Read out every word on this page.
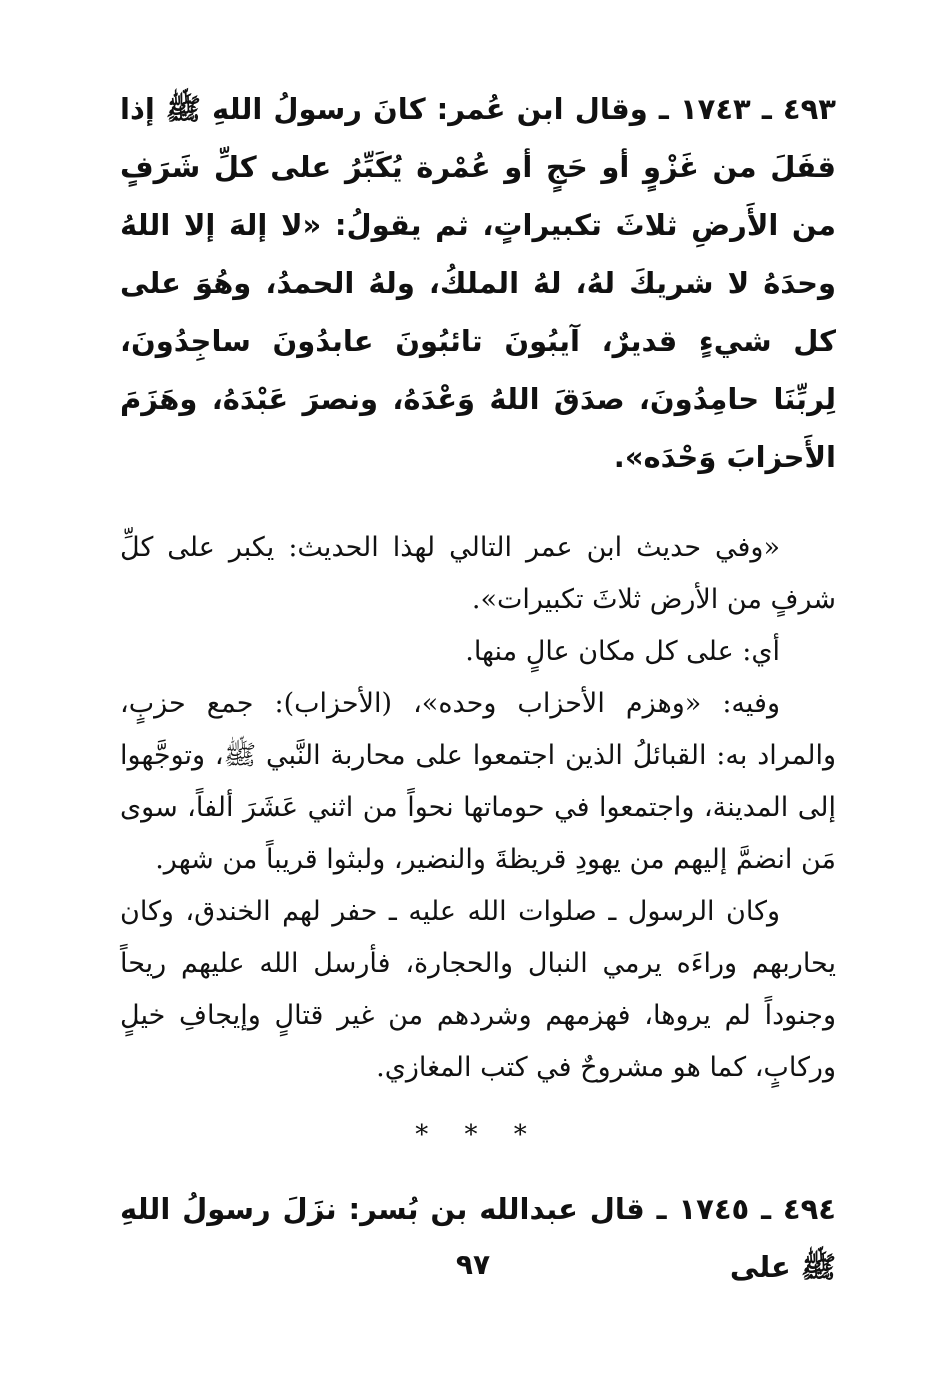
٤٩٣ ـ ١٧٤٣ ـ وقال ابن عُمر: كانَ رسولُ اللهِ ﷺ إذا قفَلَ من غَزْوٍ أو حَجٍ أو عُمْرة يُكَبِّرُ على كلِّ شَرَفٍ من الأَرضِ ثلاثَ تكبيراتٍ، ثم يقولُ: «لا إلهَ إلا اللهُ وحدَهُ لا شريكَ لهُ، لهُ الملكُ، ولهُ الحمدُ، وهُوَ على كل شيءٍ قديرٌ، آيبُونَ تائبُونَ عابدُونَ ساجِدُونَ، لِربِّنَا حامِدُونَ، صدَقَ اللهُ وَعْدَهُ، ونصرَ عَبْدَهُ، وهَزَمَ الأَحزابَ وَحْدَه».

«وفي حديث ابن عمر التالي لهذا الحديث: يكبر على كلِّ شرفٍ من الأرض ثلاثَ تكبيرات».

أي: على كل مكان عالٍ منها.

وفيه: «وهزم الأحزاب وحده»، (الأحزاب): جمع حزبٍ، والمراد به: القبائلُ الذين اجتمعوا على محاربة النَّبي ﷺ، وتوجَّهوا إلى المدينة، واجتمعوا في حوماتها نحواً من اثني عَشَرَ ألفاً، سوى مَن انضمَّ إليهم من يهودِ قريظةَ والنضير، ولبثوا قريباً من شهر.

وكان الرسول ـ صلوات الله عليه ـ حفر لهم الخندق، وكان يحاربهم وراءَه يرمي النبال والحجارة، فأرسل الله عليهم ريحاً وجنوداً لم يروها، فهزمهم وشردهم من غير قتالٍ وإيجافِ خيلٍ وركابٍ، كما هو مشروحٌ في كتب المغازي.

* * *

٤٩٤ ـ ١٧٤٥ ـ قال عبدالله بن بُسر: نزَلَ رسولُ اللهِ ﷺ على

٩٧
